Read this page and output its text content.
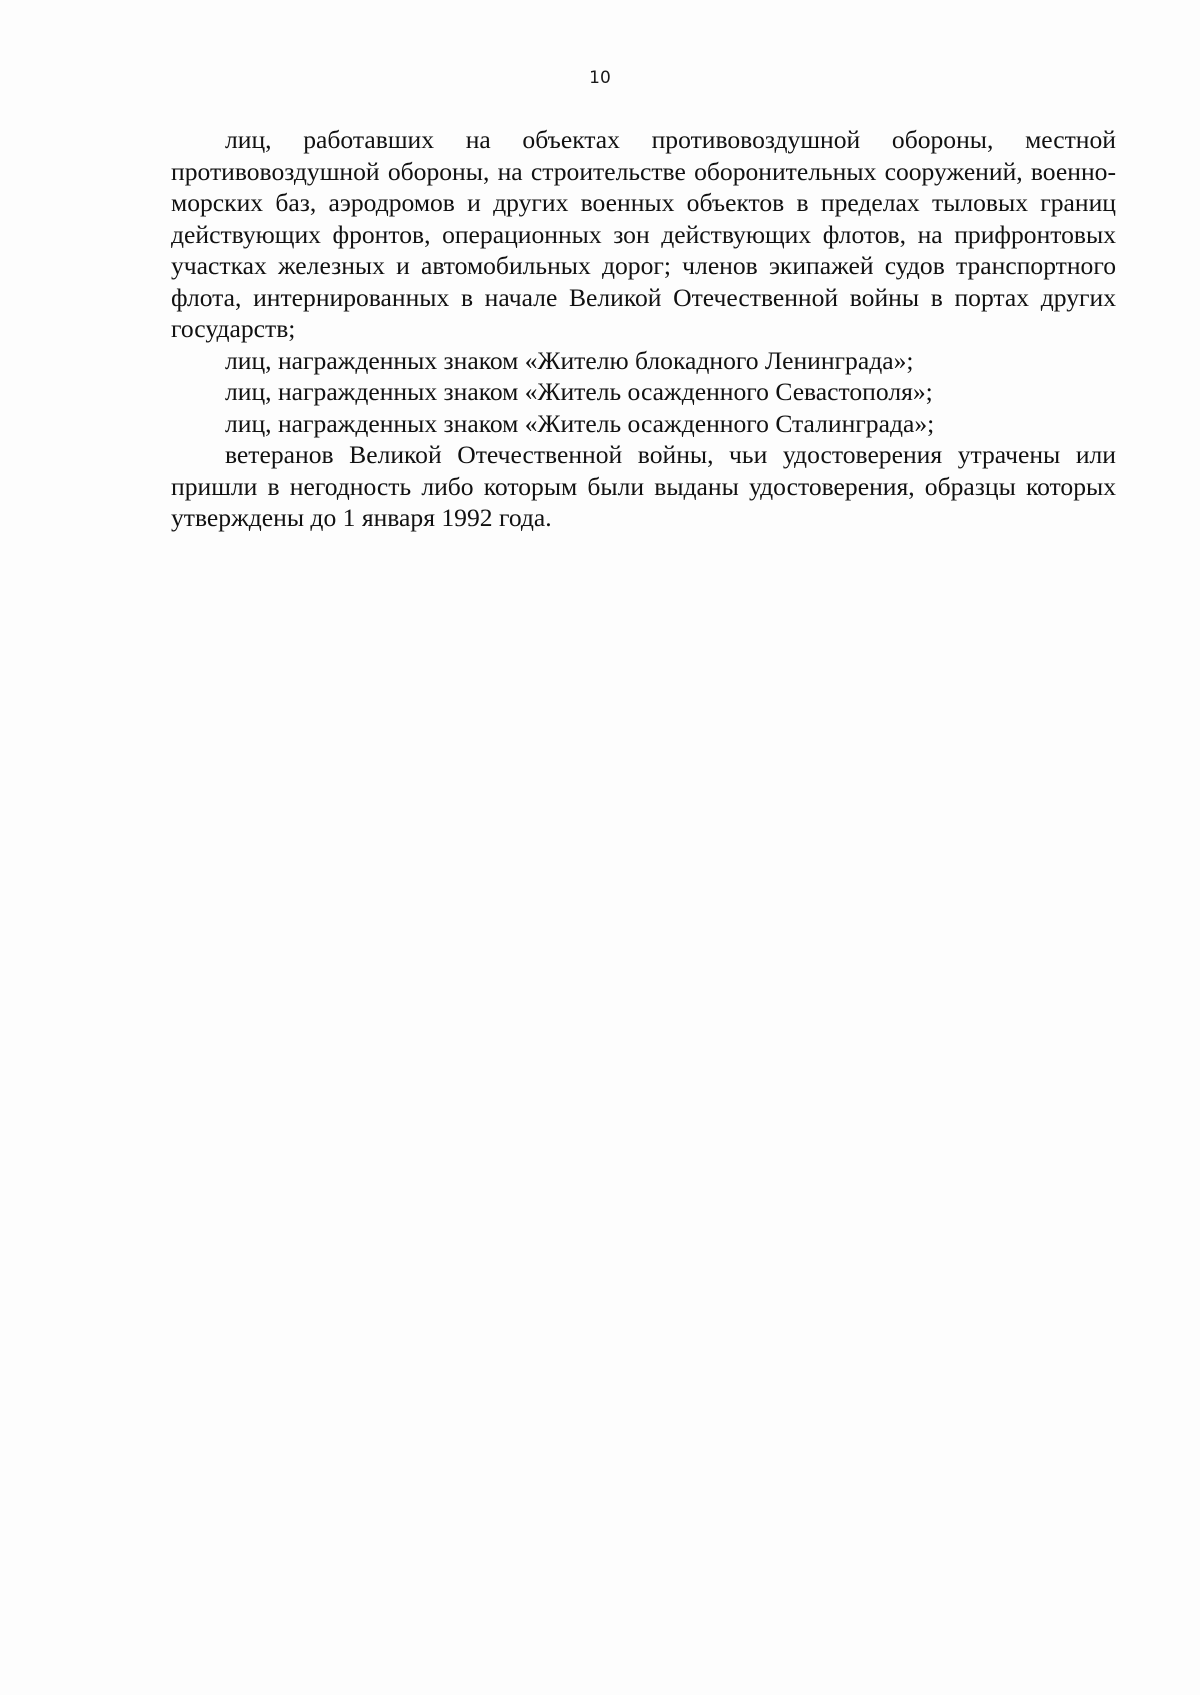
10

лиц, работавших на объектах противовоздушной обороны, местной противовоздушной обороны, на строительстве оборонительных сооружений, военно-морских баз, аэродромов и других военных объектов в пределах тыловых границ действующих фронтов, операционных зон действующих флотов, на прифронтовых участках железных и автомобильных дорог; членов экипажей судов транспортного флота, интернированных в начале Великой Отечественной войны в портах других государств;

лиц, награжденных знаком «Жителю блокадного Ленинграда»;

лиц, награжденных знаком «Житель осажденного Севастополя»;

лиц, награжденных знаком «Житель осажденного Сталинграда»;

ветеранов Великой Отечественной войны, чьи удостоверения утрачены или пришли в негодность либо которым были выданы удостоверения, образцы которых утверждены до 1 января 1992 года.
